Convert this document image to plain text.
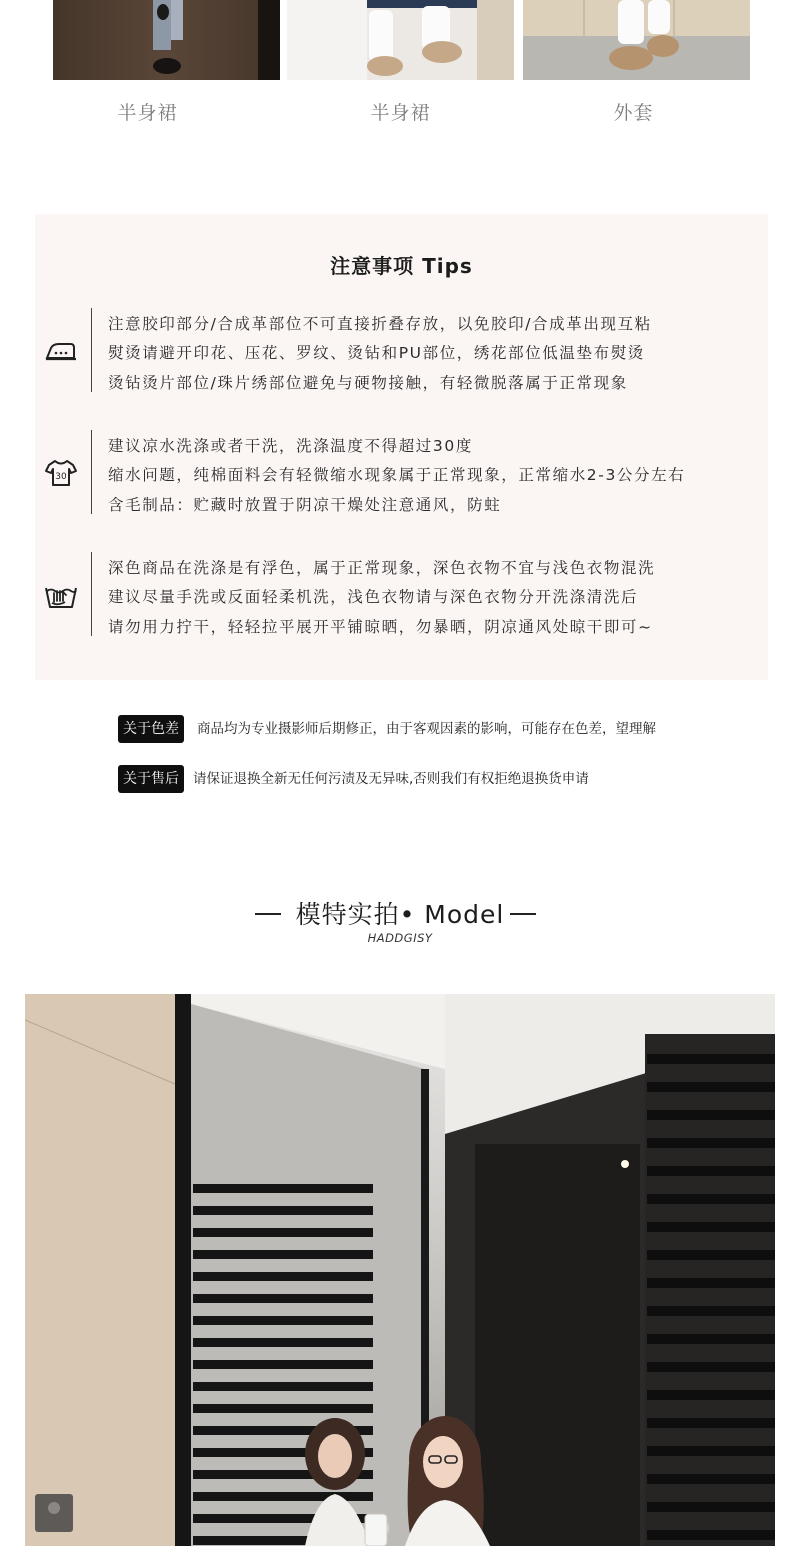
半身裙	半身裙	外套
注意事项 Tips
注意胶印部分/合成革部位不可直接折叠存放，以免胶印/合成革出现互粘
熨烫请避开印花、压花、罗纹、烫钻和PU部位，绣花部位低温垫布熨烫
烫钻烫片部位/珠片绣部位避免与硬物接触，有轻微脱落属于正常现象
30
建议凉水洗涤或者干洗，洗涤温度不得超过30度
缩水问题，纯棉面料会有轻微缩水现象属于正常现象，正常缩水2-3公分左右
含毛制品：贮藏时放置于阴凉干燥处注意通风，防蛀
深色商品在洗涤是有浮色，属于正常现象，深色衣物不宜与浅色衣物混洗
建议尽量手洗或反面轻柔机洗，浅色衣物请与深色衣物分开洗涤清洗后
请勿用力拧干，轻轻拉平展开平铺晾晒，勿暴晒，阴凉通风处晾干即可~
关于色差	商品均为专业摄影师后期修正，由于客观因素的影响，可能存在色差，望理解
关于售后	请保证退换全新无任何污渍及无异味,否则我们有权拒绝退换货申请
模特实拍• Model
HADDGISY
